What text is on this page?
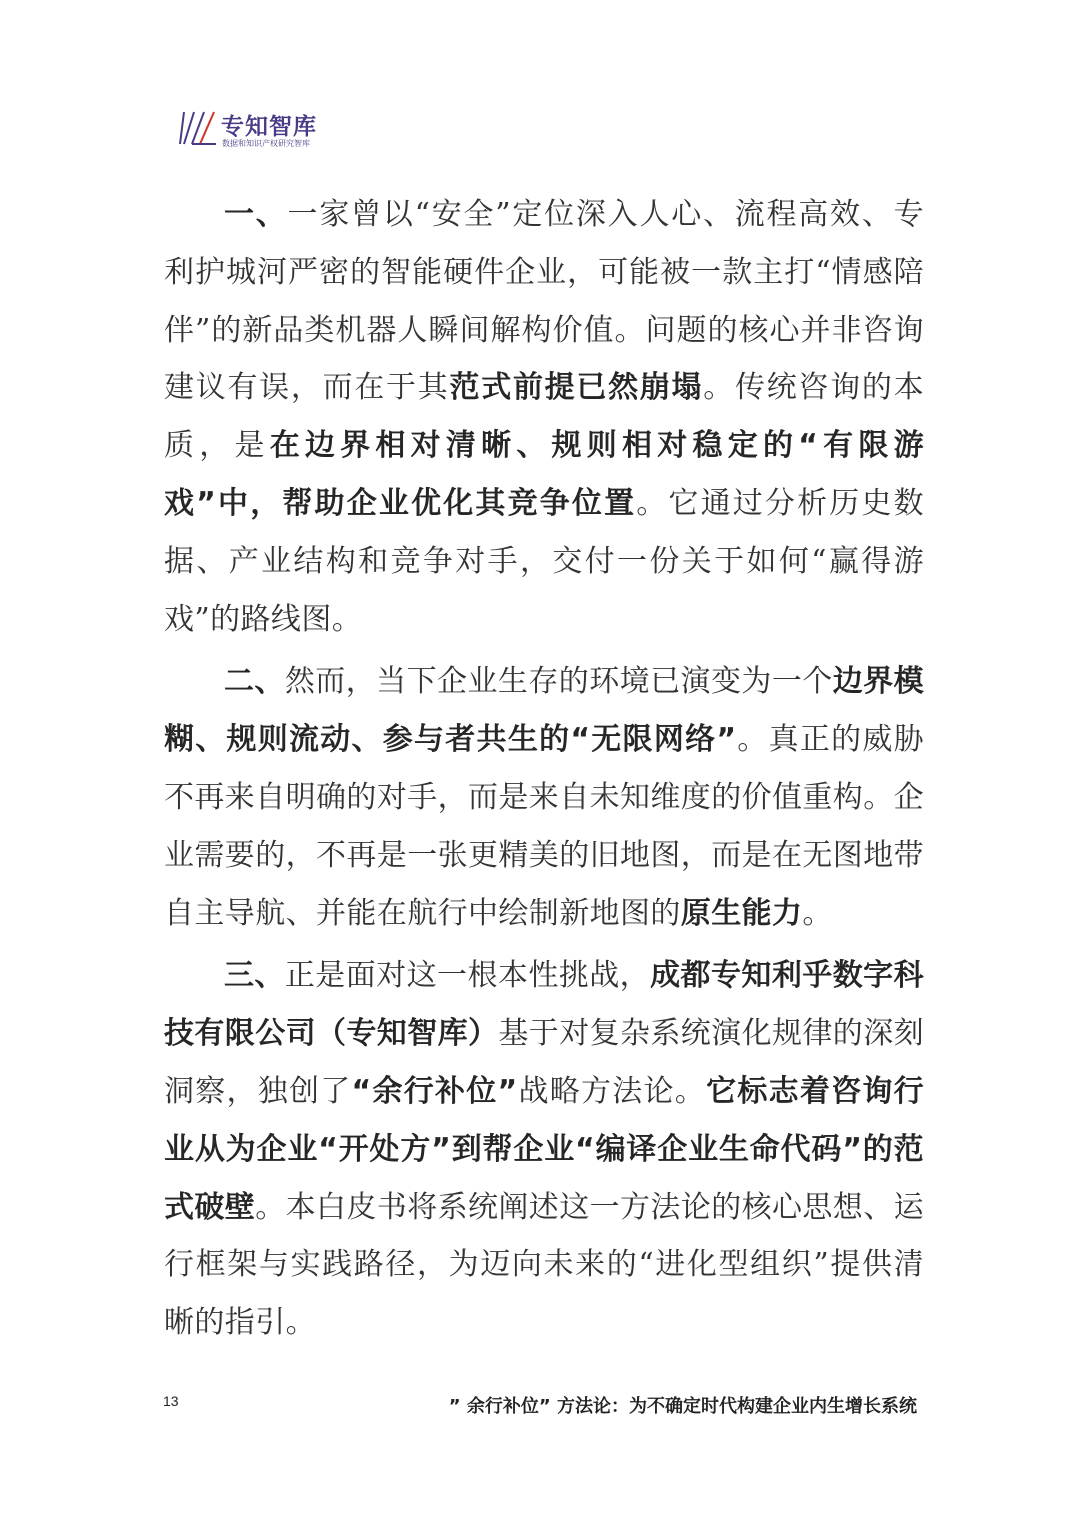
专知智库
数据和知识产权研究智库

一、一家曾以“安全”定位深入人心、流程高效、专利护城河严密的智能硬件企业，可能被一款主打“情感陪伴”的新品类机器人瞬间解构价值。问题的核心并非咨询建议有误，而在于其范式前提已然崩塌。传统咨询的本质，是在边界相对清晰、规则相对稳定的“有限游戏”中，帮助企业优化其竞争位置。它通过分析历史数据、产业结构和竞争对手，交付一份关于如何“赢得游戏”的路线图。

二、然而，当下企业生存的环境已演变为一个边界模糊、规则流动、参与者共生的“无限网络”。真正的威胁不再来自明确的对手，而是来自未知维度的价值重构。企业需要的，不再是一张更精美的旧地图，而是在无图地带自主导航、并能在航行中绘制新地图的原生能力。

三、正是面对这一根本性挑战，成都专知利乎数字科技有限公司（专知智库）基于对复杂系统演化规律的深刻洞察，独创了“余行补位”战略方法论。它标志着咨询行业从为企业“开处方”到帮企业“编译企业生命代码”的范式破壁。本白皮书将系统阐述这一方法论的核心思想、运行框架与实践路径，为迈向未来的“进化型组织”提供清晰的指引。

13	” 余行补位” 方法论：为不确定时代构建企业内生增长系统
